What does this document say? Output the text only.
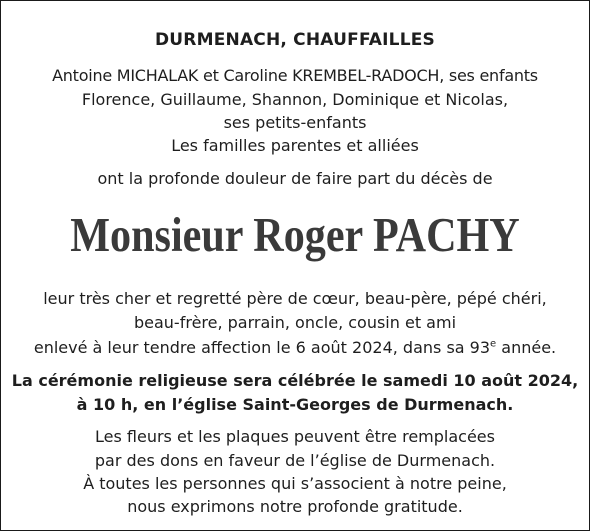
DURMENACH, CHAUFFAILLES
Antoine MICHALAK et Caroline KREMBEL-RADOCH, ses enfants
Florence, Guillaume, Shannon, Dominique et Nicolas,
ses petits-enfants
Les familles parentes et alliées
ont la profonde douleur de faire part du décès de
Monsieur Roger PACHY
leur très cher et regretté père de cœur, beau-père, pépé chéri,
beau-frère, parrain, oncle, cousin et ami
enlevé à leur tendre affection le 6 août 2024, dans sa 93e année.
La cérémonie religieuse sera célébrée le samedi 10 août 2024,
à 10 h, en l’église Saint-Georges de Durmenach.
Les fleurs et les plaques peuvent être remplacées
par des dons en faveur de l’église de Durmenach.
À toutes les personnes qui s’associent à notre peine,
nous exprimons notre profonde gratitude.
